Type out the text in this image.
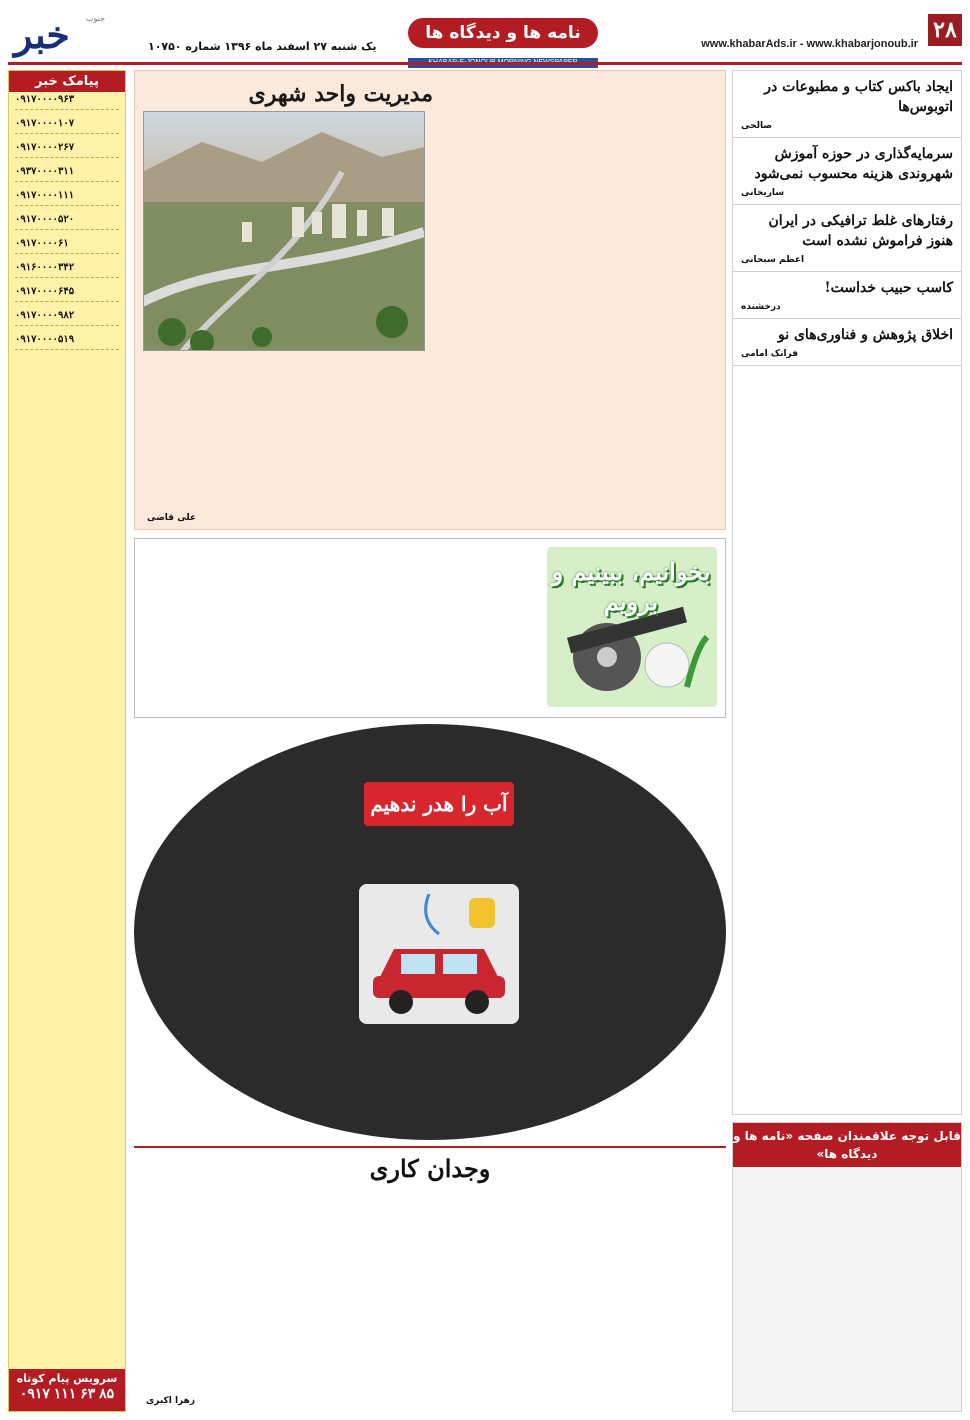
۲۸
www.khabarAds.ir - www.khabarjonoub.ir
نامه ها و دیدگاه ها
یک شنبه ۲۷ اسفند ماه ۱۳۹۶ شماره ۱۰۷۵۰
خبر جنوب
پیامک خبر
۰۹۱۷۰۰۰۰۹۶۳
۰۹۱۷۰۰۰۰۱۰۷
۰۹۱۷۰۰۰۰۲۶۷
۰۹۳۷۰۰۰۰۳۱۱
۰۹۱۷۰۰۰۰۱۱۱
۰۹۱۷۰۰۰۰۵۲۰
۰۹۱۷۰۰۰۰۶۱
۰۹۱۶۰۰۰۰۳۴۲
۰۹۱۷۰۰۰۰۶۴۵
۰۹۱۷۰۰۰۰۹۸۲
۰۹۱۷۰۰۰۰۵۱۹
سرویس پیام کوتاه
۰۹۱۷ ۱۱۱ ۶۳ ۸۵
ایجاد باکس کتاب و مطبوعات در اتوبوس‌ها
صالحی
سرمایه‌گذاری در حوزه آموزش شهروندی هزینه محسوب نمی‌شود
ساریخانی
رفتارهای غلط ترافیکی در ایران هنوز فراموش نشده است
اعظم سبحانی
کاسب حبیب خداست!
درخشنده
اخلاق پژوهش و فناوری‌های نو
فرانک امامی
قابل توجه علاقمندان صفحه «نامه ها و دیدگاه ها»
مدیریت واحد شهری
علی قاضی
بخوانیم، ببینیم و برویم
آب را هدر ندهیم
رویا طاهری
وجدان کاری
زهرا اکبری
